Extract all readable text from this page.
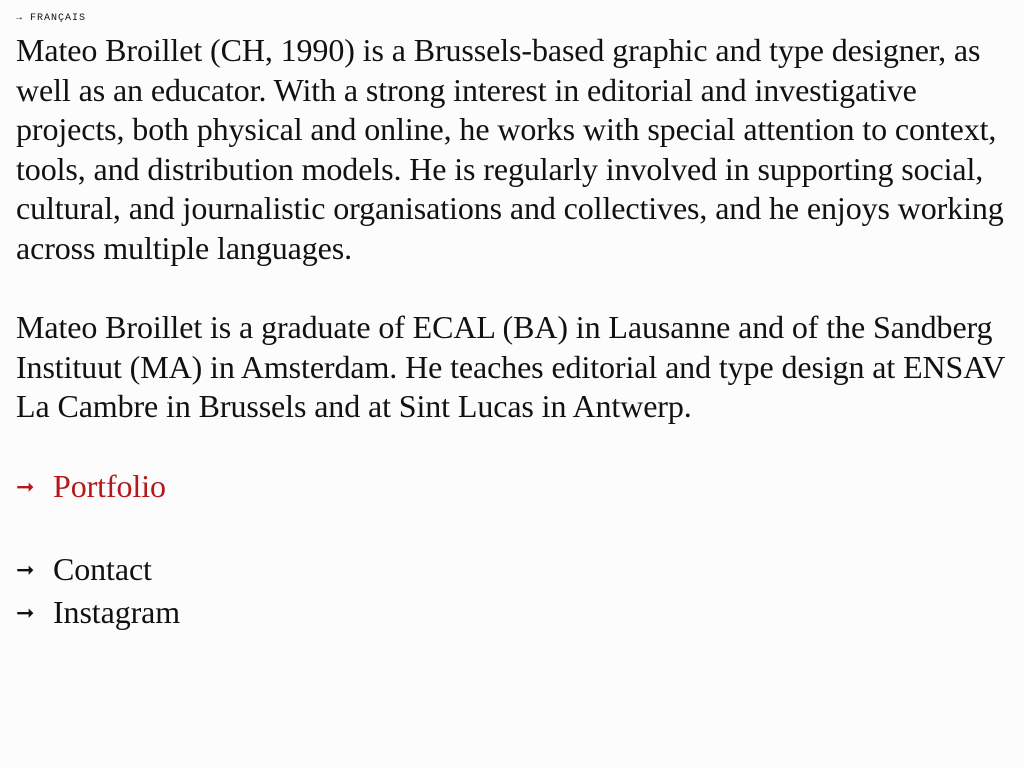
→ FRANÇAIS

Mateo Broillet (CH, 1990) is a Brussels-based graphic and type designer, as well as an educator. With a strong interest in editorial and investigative projects, both physical and online, he works with special attention to context, tools, and distribution models. He is regularly involved in supporting social, cultural, and journalistic organisations and collectives, and he enjoys working across multiple languages.

Mateo Broillet is a graduate of ECAL (BA) in Lausanne and of the Sandberg Instituut (MA) in Amsterdam. He teaches editorial and type design at ENSAV La Cambre in Brussels and at Sint Lucas in Antwerp.

➞ Portfolio
➞ Contact
➞ Instagram
